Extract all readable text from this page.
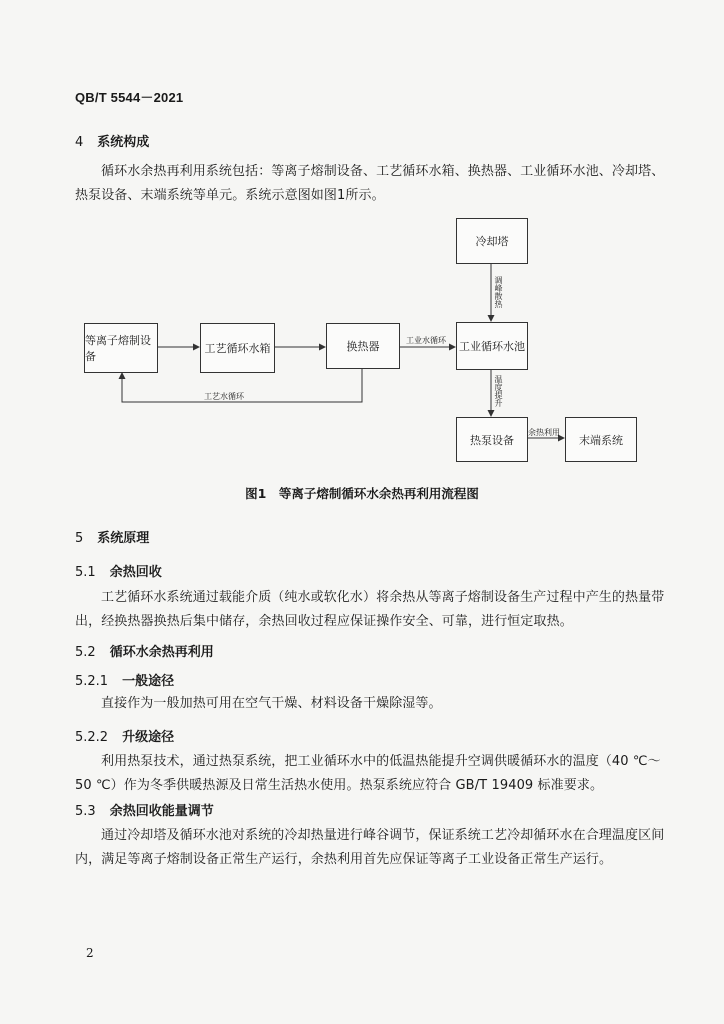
QB/T 5544－2021
4 系统构成
循环水余热再利用系统包括：等离子熔制设备、工艺循环水箱、换热器、工业循环水池、冷却塔、热泵设备、末端系统等单元。系统示意图如图1所示。
冷却塔
等离子熔制设备
工艺循环水箱	换热器	工业循环水池
热泵设备	末端系统
工业水循环
工艺水循环
调峰散热
温度提升
余热利用
图1　等离子熔制循环水余热再利用流程图
5 系统原理
5.1 余热回收
工艺循环水系统通过载能介质（纯水或软化水）将余热从等离子熔制设备生产过程中产生的热量带出，经换热器换热后集中储存，余热回收过程应保证操作安全、可靠，进行恒定取热。
5.2 循环水余热再利用
5.2.1 一般途径
直接作为一般加热可用在空气干燥、材料设备干燥除湿等。
5.2.2 升级途径
利用热泵技术，通过热泵系统，把工业循环水中的低温热能提升空调供暖循环水的温度（40 ℃～50 ℃）作为冬季供暖热源及日常生活热水使用。热泵系统应符合 GB/T 19409 标准要求。
5.3 余热回收能量调节
通过冷却塔及循环水池对系统的冷却热量进行峰谷调节，保证系统工艺冷却循环水在合理温度区间内，满足等离子熔制设备正常生产运行，余热利用首先应保证等离子工业设备正常生产运行。
2
